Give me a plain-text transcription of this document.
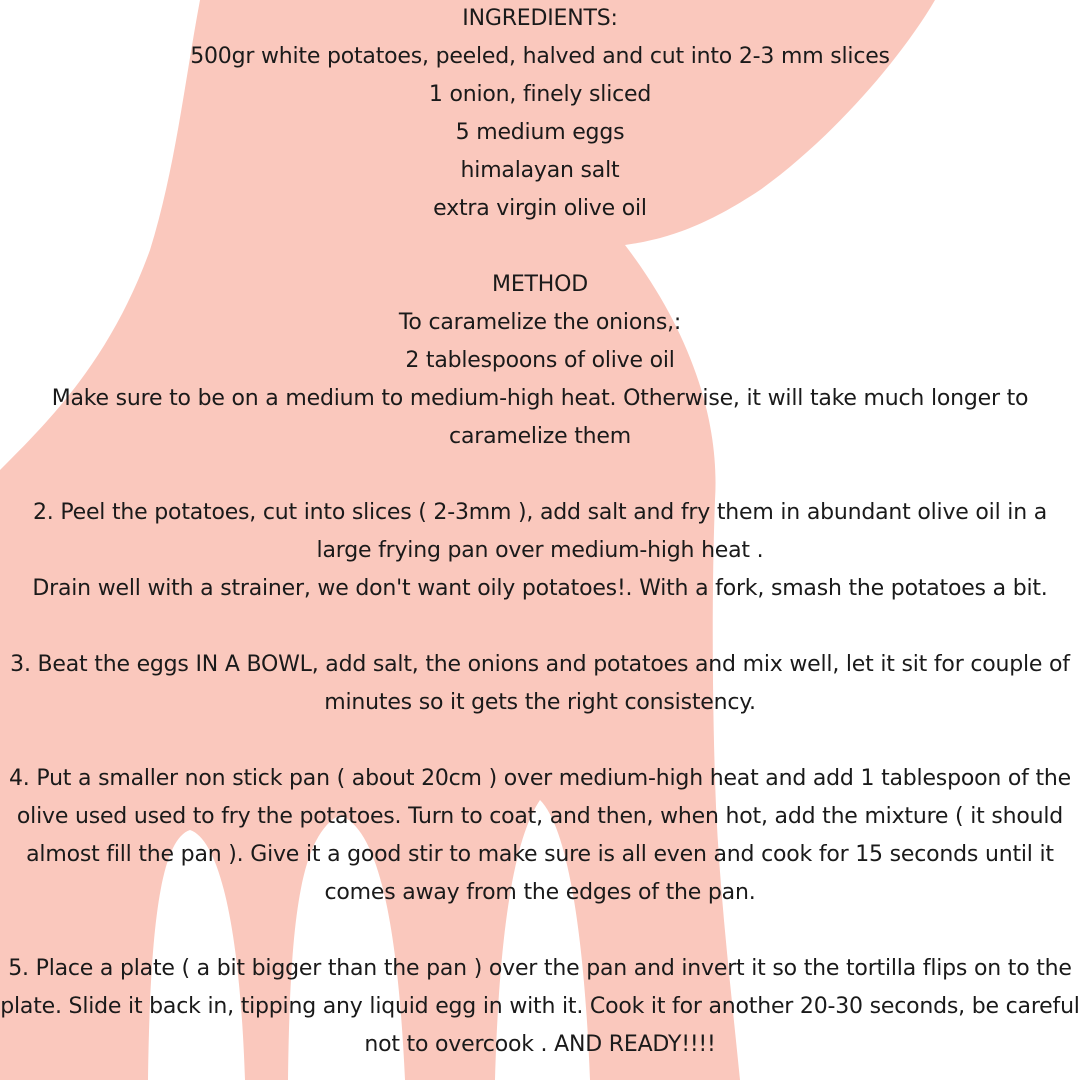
INGREDIENTS:
500gr white potatoes, peeled, halved and cut into 2-3 mm slices
1 onion, finely sliced
5 medium eggs
himalayan salt
extra virgin olive oil
METHOD
To caramelize the onions,:
2 tablespoons of olive oil
Make sure to be on a medium to medium-high heat. Otherwise, it will take much longer to caramelize them
2. Peel the potatoes, cut into slices ( 2-3mm ), add salt and fry them in abundant olive oil in a large frying pan over medium-high heat .
Drain well with a strainer, we don't want oily potatoes!. With a fork, smash the potatoes a bit.
3. Beat the eggs IN A BOWL, add salt, the onions and potatoes and mix well, let it sit for couple of minutes so it gets the right consistency.
4. Put a smaller non stick pan ( about 20cm ) over medium-high heat and add 1 tablespoon of the olive used used to fry the potatoes. Turn to coat, and then, when hot, add the mixture ( it should almost fill the pan ). Give it a good stir to make sure is all even and cook for 15 seconds until it comes away from the edges of the pan.
5. Place a plate ( a bit bigger than the pan ) over the pan and invert it so the tortilla flips on to the plate. Slide it back in, tipping any liquid egg in with it. Cook it for another 20-30 seconds, be careful not to overcook . AND READY!!!!
